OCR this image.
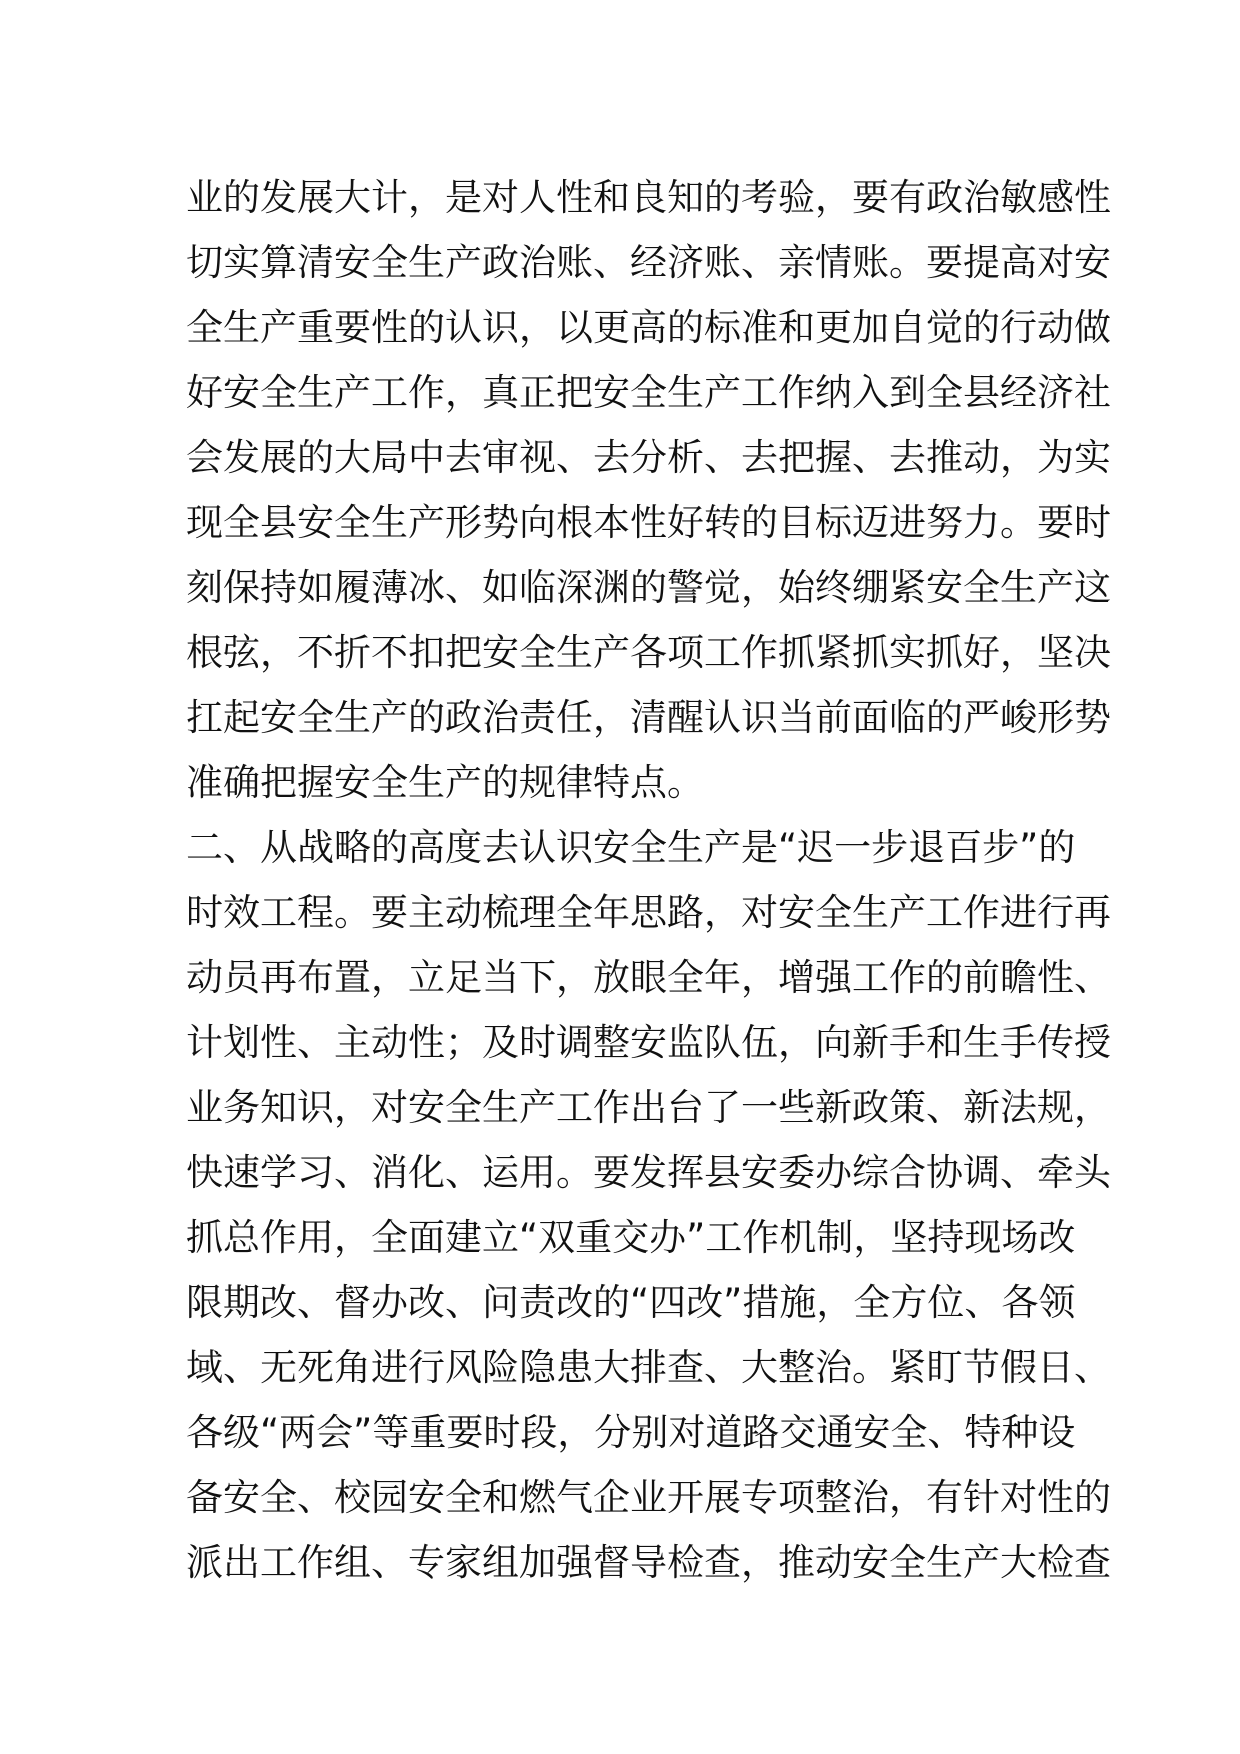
业的发展大计，是对人性和良知的考验，要有政治敏感性

切实算清安全生产政治账、经济账、亲情账。要提高对安

全生产重要性的认识，以更高的标准和更加自觉的行动做

好安全生产工作，真正把安全生产工作纳入到全县经济社

会发展的大局中去审视、去分析、去把握、去推动，为实

现全县安全生产形势向根本性好转的目标迈进努力。要时

刻保持如履薄冰、如临深渊的警觉，始终绷紧安全生产这

根弦，不折不扣把安全生产各项工作抓紧抓实抓好，坚决

扛起安全生产的政治责任，清醒认识当前面临的严峻形势

准确把握安全生产的规律特点。

二、从战略的高度去认识安全生产是“迟一步退百步”的

时效工程。要主动梳理全年思路，对安全生产工作进行再

动员再布置，立足当下，放眼全年，增强工作的前瞻性、

计划性、主动性；及时调整安监队伍，向新手和生手传授

业务知识，对安全生产工作出台了一些新政策、新法规，

快速学习、消化、运用。要发挥县安委办综合协调、牵头

抓总作用，全面建立“双重交办”工作机制，坚持现场改

限期改、督办改、问责改的“四改”措施，全方位、各领

域、无死角进行风险隐患大排查、大整治。紧盯节假日、

各级“两会”等重要时段，分别对道路交通安全、特种设

备安全、校园安全和燃气企业开展专项整治，有针对性的

派出工作组、专家组加强督导检查，推动安全生产大检查
